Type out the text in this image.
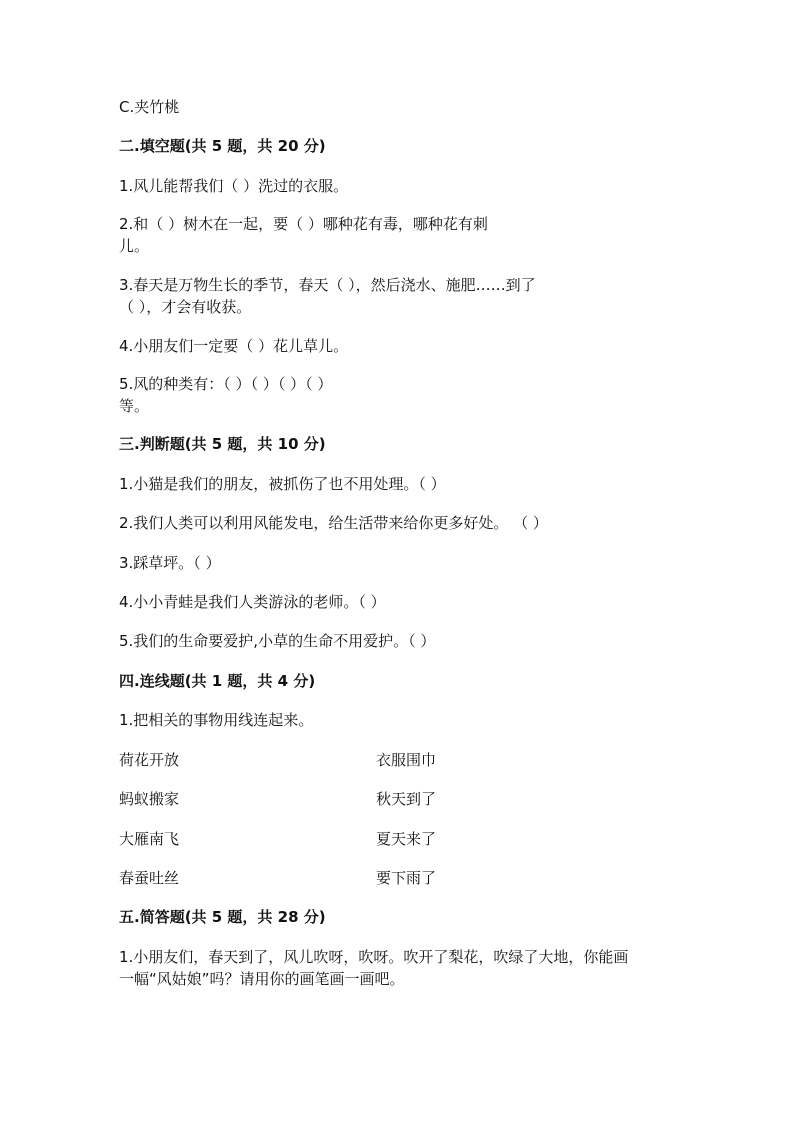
C.夹竹桃
二.填空题(共 5 题，共 20 分)
1.风儿能帮我们（ ）洗过的衣服。
2.和（ ）树木在一起，要（ ）哪种花有毒，哪种花有刺
儿。
3.春天是万物生长的季节，春天（ ），然后浇水、施肥……到了
（ ），才会有收获。
4.小朋友们一定要（ ）花儿草儿。
5.风的种类有：（ ）（ ）（ ）（ ）
等。
三.判断题(共 5 题，共 10 分)
1.小猫是我们的朋友，被抓伤了也不用处理。（ ）
2.我们人类可以利用风能发电，给生活带来给你更多好处。 （ ）
3.踩草坪。（ ）
4.小小青蛙是我们人类游泳的老师。（ ）
5.我们的生命要爱护,小草的生命不用爱护。（ ）
四.连线题(共 1 题，共 4 分)
1.把相关的事物用线连起来。
荷花开放	衣服围巾
蚂蚁搬家	秋天到了
大雁南飞	夏天来了
春蚕吐丝	要下雨了
五.简答题(共 5 题，共 28 分)
1.小朋友们，春天到了，风儿吹呀，吹呀。吹开了梨花，吹绿了大地，你能画
一幅“风姑娘”吗？请用你的画笔画一画吧。
